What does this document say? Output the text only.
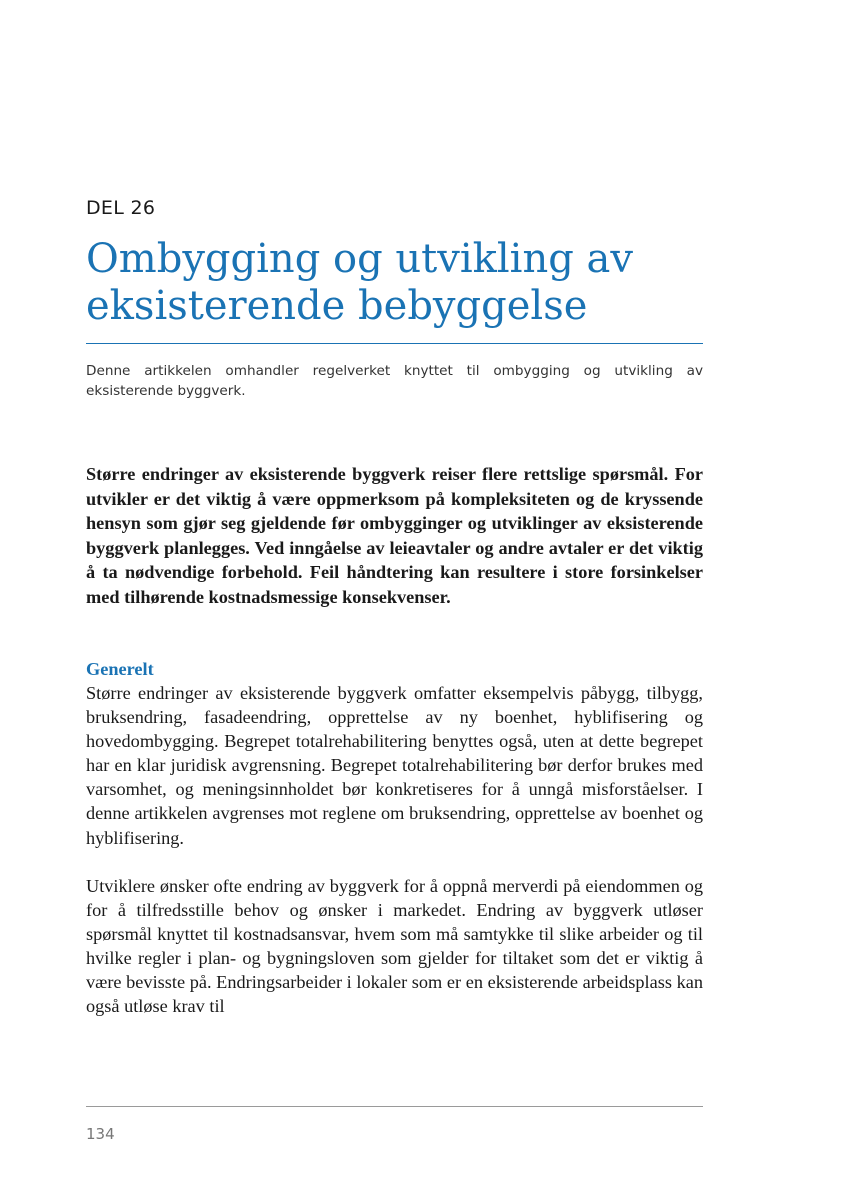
DEL 26
Ombygging og utvikling av eksisterende bebyggelse

Denne artikkelen omhandler regelverket knyttet til ombygging og utvikling av eksisterende byggverk.

Større endringer av eksisterende byggverk reiser flere rettslige spørsmål. For utvikler er det viktig å være oppmerksom på kompleksiteten og de kryssende hensyn som gjør seg gjeldende før ombygginger og utviklinger av eksisterende byggverk planlegges. Ved inngåelse av leieavtaler og andre avtaler er det viktig å ta nødvendige forbehold. Feil håndtering kan resultere i store forsinkelser med tilhørende kostnadsmessige konsekvenser.

Generelt

Større endringer av eksisterende byggverk omfatter eksempelvis påbygg, tilbygg, bruksendring, fasadeendring, opprettelse av ny boenhet, hyblifisering og hovedombygging. Begrepet totalrehabilitering benyttes også, uten at dette begrepet har en klar juridisk avgrensning. Begrepet totalrehabilitering bør derfor brukes med varsomhet, og meningsinnholdet bør konkretiseres for å unngå misforståelser. I denne artikkelen avgrenses mot reglene om bruksendring, opprettelse av boenhet og hyblifisering.

Utviklere ønsker ofte endring av byggverk for å oppnå merverdi på eiendommen og for å tilfredsstille behov og ønsker i markedet. Endring av byggverk utløser spørsmål knyttet til kostnadsansvar, hvem som må samtykke til slike arbeider og til hvilke regler i plan- og bygningsloven som gjelder for tiltaket som det er viktig å være bevisste på. Endringsarbeider i lokaler som er en eksisterende arbeidsplass kan også utløse krav til

134
